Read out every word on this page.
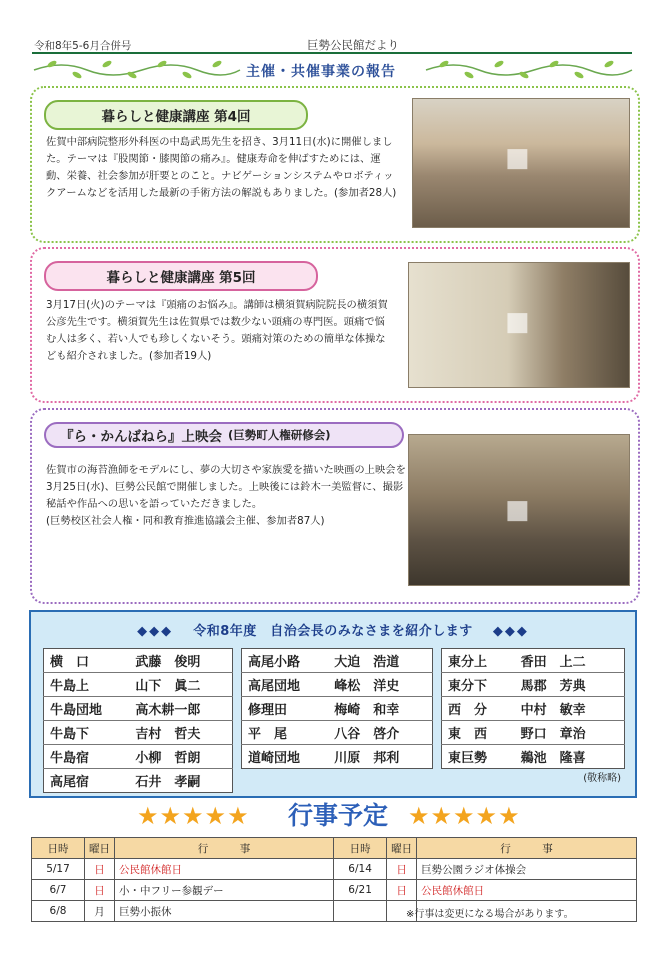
令和8年5-6月合併号	巨勢公民館だより
主催・共催事業の報告
暮らしと健康講座 第4回
佐賀中部病院整形外科医の中島武馬先生を招き、3月11日(水)に開催しました。テーマは『股関節・膝関節の痛み』。健康寿命を伸ばすためには、運動、栄養、社会参加が肝要とのこと。ナビゲーションシステムやロボティックアームなどを活用した最新の手術方法の解説もありました。(参加者28人)
■
暮らしと健康講座 第5回
3月17日(火)のテーマは『頭痛のお悩み』。講師は横須賀病院院長の横須賀公彦先生です。横須賀先生は佐賀県では数少ない頭痛の専門医。頭痛で悩む人は多く、若い人でも珍しくないそう。頭痛対策のための簡単な体操なども紹介されました。(参加者19人)
■
『ら・かんばねら』上映会 (巨勢町人権研修会)
佐賀市の海苔漁師をモデルにし、夢の大切さや家族愛を描いた映画の上映会を3月25日(水)、巨勢公民館で開催しました。上映後には鈴木一美監督に、撮影秘話や作品への思いを語っていただきました。
(巨勢校区社会人権・同和教育推進協議会主催、参加者87人)	■
◆◆◆ 令和8年度　自治会長のみなさまを紹介します ◆◆◆
横　口	武藤　俊明
牛島上	山下　眞二
牛島団地	高木耕一郎
牛島下	吉村　哲夫
牛島宿	小柳　哲朗
高尾宿	石井　孝嗣
高尾小路	大迫　浩道
高尾団地	峰松　洋史
修理田	梅崎　和幸
平　尾	八谷　啓介
道崎団地	川原　邦利
東分上	香田　上二
東分下	馬郡　芳典
西　分	中村　敏幸
東　西	野口　章治
東巨勢	鵜池　隆喜
(敬称略)
★★★★★	行事予定 ★★★★★
日時	曜日	行　　　事	日時	曜日	行　　　事
5/17	日	公民館休館日	6/14	日	巨勢公園ラジオ体操会
6/7	日	小・中フリー参観デー	6/21	日	公民館休館日
6/8	月	巨勢小振休				※行事は変更になる場合があります。
